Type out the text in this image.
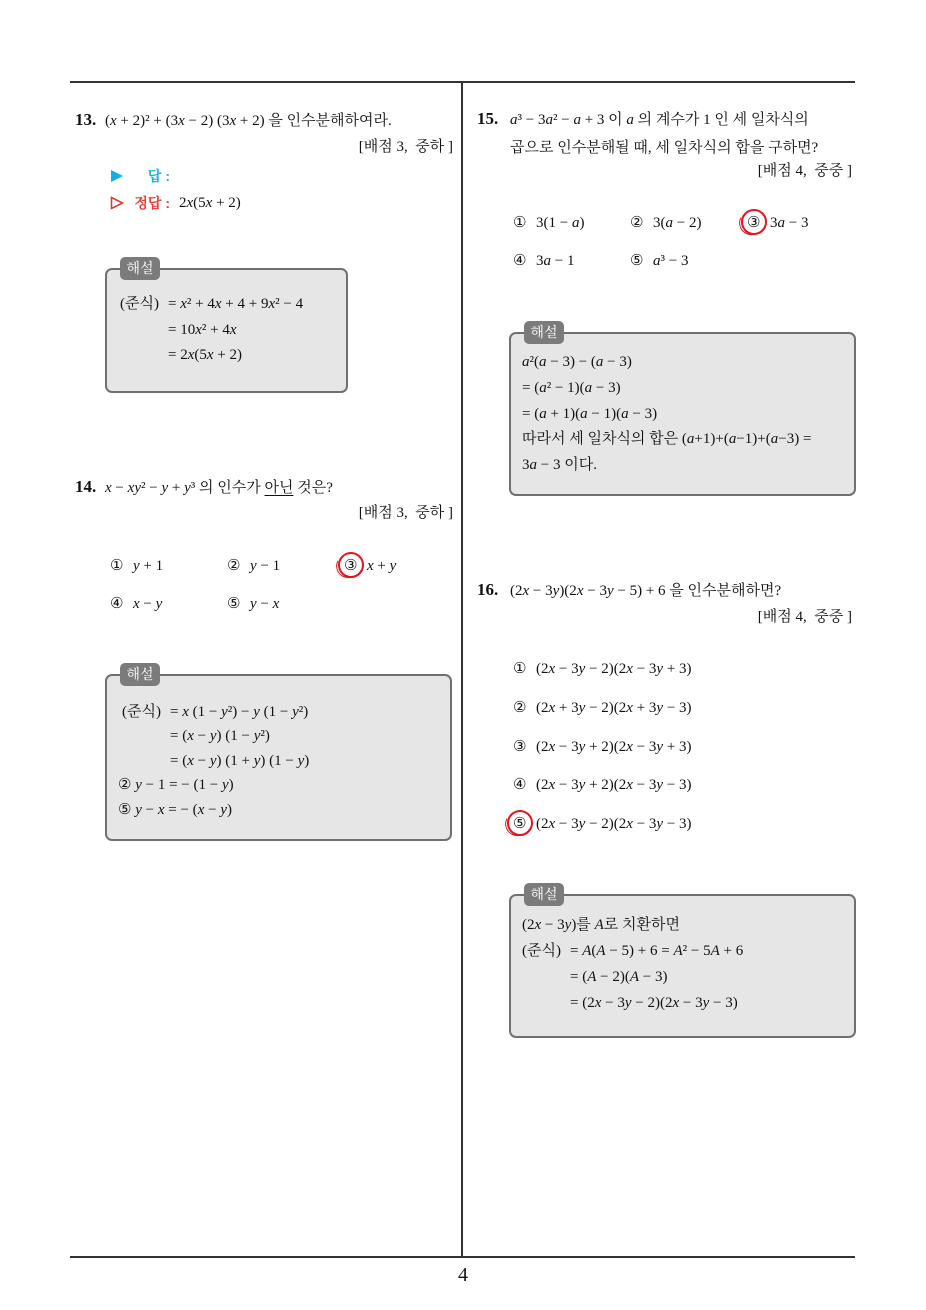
4
13. (x + 2)² + (3x − 2) (3x + 2) 을 인수분해하여라.
[배점 3,  중하 ]
답 :
정답 : 2x(5x + 2)
해설
(준식) = x² + 4x + 4 + 9x² − 4
= 10x² + 4x
= 2x(5x + 2)
14. x − xy² − y + y³ 의 인수가 아닌 것은?
[배점 3,  중하 ]
① y + 1	② y − 1	③ x + y
④ x − y	⑤ y − x
해설
(준식) = x (1 − y²) − y (1 − y²)
= (x − y) (1 − y²)
= (x − y) (1 + y) (1 − y)
② y − 1 = − (1 − y)
⑤ y − x = − (x − y)
15. a³ − 3a² − a + 3 이 a 의 계수가 1 인 세 일차식의
곱으로 인수분해될 때, 세 일차식의 합을 구하면?
[배점 4,  중중 ]
① 3(1 − a)	② 3(a − 2)	③ 3a − 3
④ 3a − 1	⑤ a³ − 3
해설
a²(a − 3) − (a − 3)
= (a² − 1)(a − 3)
= (a + 1)(a − 1)(a − 3)
따라서 세 일차식의 합은 (a+1)+(a−1)+(a−3) =
3a − 3 이다.
16. (2x − 3y)(2x − 3y − 5) + 6 을 인수분해하면?
[배점 4,  중중 ]
① (2x − 3y − 2)(2x − 3y + 3)
② (2x + 3y − 2)(2x + 3y − 3)
③ (2x − 3y + 2)(2x − 3y + 3)
④ (2x − 3y + 2)(2x − 3y − 3)
⑤ (2x − 3y − 2)(2x − 3y − 3)
해설
(2x − 3y)를 A로 치환하면
(준식) = A(A − 5) + 6 = A² − 5A + 6
= (A − 2)(A − 3)
= (2x − 3y − 2)(2x − 3y − 3)
